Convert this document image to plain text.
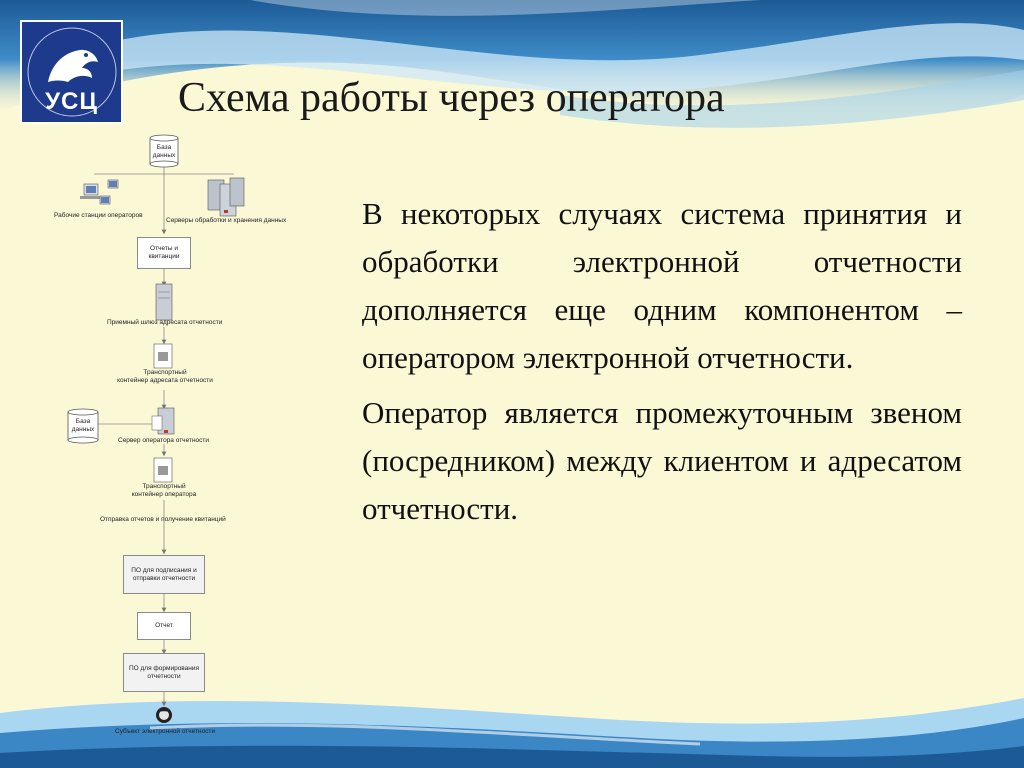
УСЦ	Схема работы через оператора

В некоторых случаях система принятия и обработки электронной отчетности дополняется еще одним компонентом – оператором электронной отчетности.

Оператор является промежуточным звеном (посредником) между клиентом и адресатом отчетности.

База
данных
Рабочие станции операторов
Серверы обработки и хранения данных
Отчеты и
квитанции
Приемный шлюз адресата отчетности
Транспортный
контейнер адресата отчетности
База
данных
Сервер оператора отчетности
Транспортный
контейнер оператора
Отправка отчетов и получение квитанций
ПО для подписания и
отправки отчетности
Отчет
ПО для формирования
отчетности
Субъект электронной отчетности
